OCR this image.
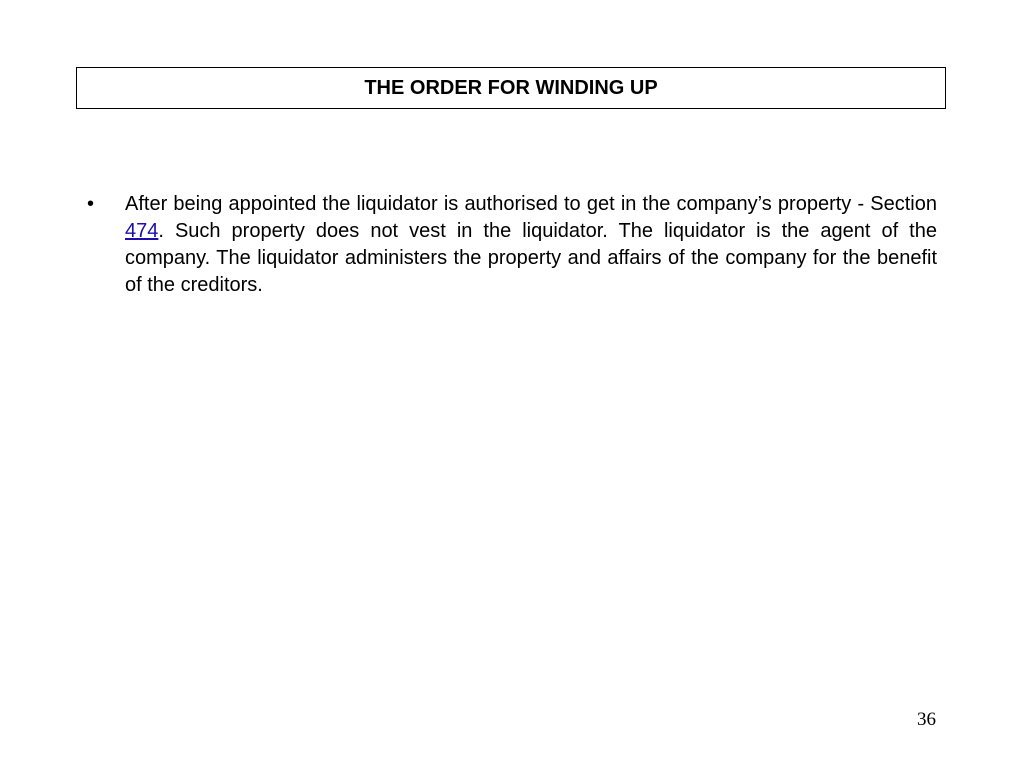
THE ORDER FOR WINDING UP
• After being appointed the liquidator is authorised to get in the company’s property - Section 474. Such property does not vest in the liquidator. The liquidator is the agent of the company. The liquidator administers the property and affairs of the company for the benefit of the creditors.
36
